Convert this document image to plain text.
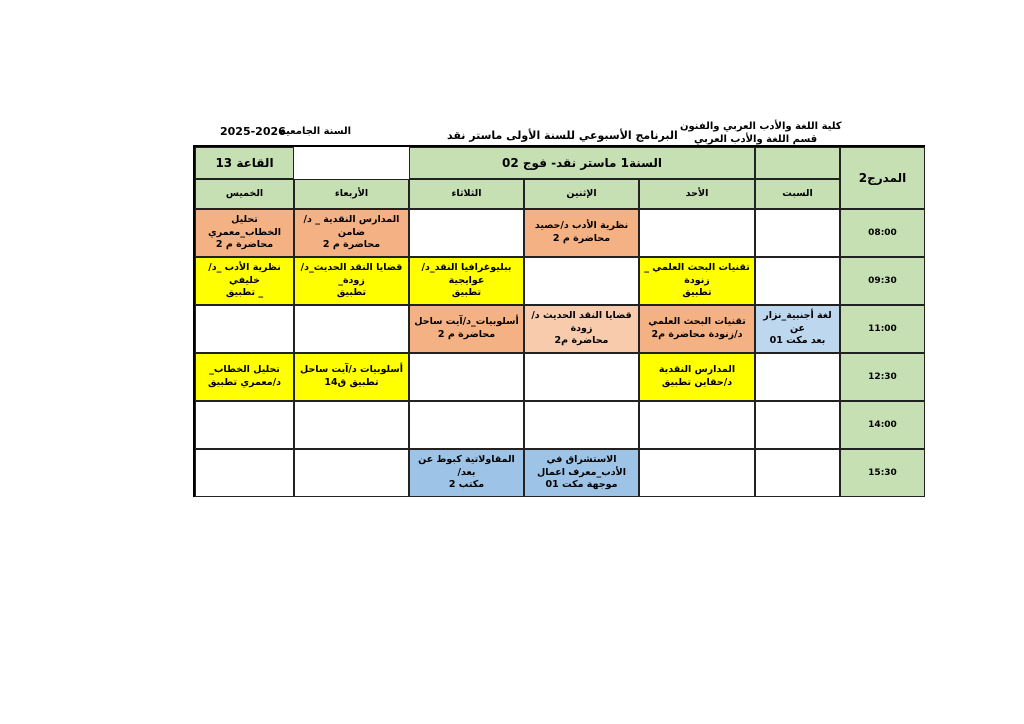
كلية اللغة والأدب العربي والفنون
قسم اللغة والأدب العربي
البرنامج الأسبوعي للسنة الأولى ماستر نقد
السنة الجامعية
2025-2026
المدرج2
السنة1 ماستر نقد- فوج 02
القاعة 13
السبت
الأحد
الإثنين
الثلاثاء
الأربعاء
الخميس
08:00
نظرية الأدب د/حصيد
محاضرة م 2
المدارس النقدية _ د/ضامن
محاضرة م 2
تحليل الخطاب_معمري
محاضرة م 2
09:30
تقنيات البحث العلمي _ زنودة
تطبيق
ببليوغرافيا النقد_د/عوايجية
تطبيق
قضايا النقد الحديث_د/زودة_
تطبيق
نظرية الأدب _د/ خليفي
_ تطبيق
11:00
لغة أجنبية_نزار عن
بعد مكت 01
تقنيات البحث العلمي
د/زنودة محاضرة م2
قضايا النقد الحديث د/ زودة
محاضرة م2
أسلوبيات_د/آيت ساحل
محاضرة م 2
12:30
المدارس النقدية
د/حقاين تطبيق
أسلوبيات د/آيت ساحل
تطبيق ق14
تحليل الخطاب_
د/معمري تطبيق
14:00
15:30
الاستشراق في الأدب_معرف اعمال
موجهة مكت 01
المقاولاتية كبوط عن بعد/
مكتب 2
